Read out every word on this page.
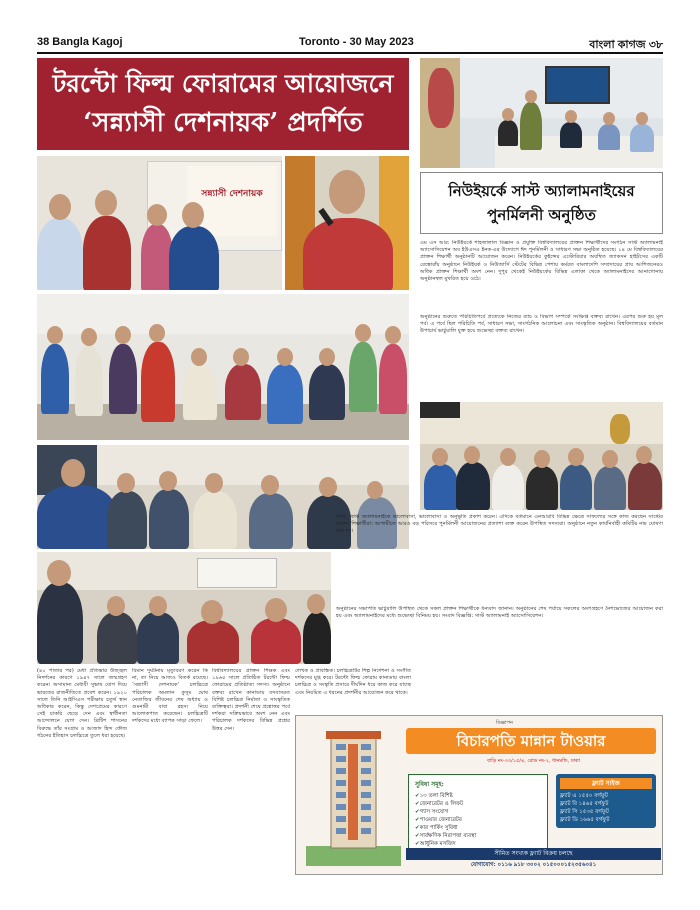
38 Bangla Kagoj	Toronto - 30 May 2023	বাংলা কাগজ ৩৮
টরন্টো ফিল্ম ফোরামের আয়োজনে
‘সন্ন্যাসী দেশনায়ক’ প্রদর্শিত
নিউইয়র্কে সাস্ট অ্যালামনাইয়ের
পুনর্মিলনী অনুষ্ঠিত
সন্ন্যাসী দেশনায়ক
এম এস আর: নিউইয়র্কে শাহজালাল বিজ্ঞান ও প্রযুক্তি বিশ্ববিদ্যালয়ের প্রাক্তন শিক্ষার্থীদের সংগঠন সাস্ট অ্যালামনাই অ্যাসোসিয়েশন অব ইউএসএ ইনক-এর উদ্যোগে ঈদ পুনর্মিলনী ও সাধারণ সভা অনুষ্ঠিত হয়েছে। ১৪ মে বিশ্ববিদ্যালয়ের প্রাক্তন শিক্ষার্থী অনুষ্ঠানটি আয়োজন করেন। নিউইয়র্কের কুইন্সের এস্টোরিয়ার অবস্থিত জ্যাকসন হাইটসের একটি রেস্তোরাঁয় অনুষ্ঠানে নিউইয়র্ক ও নিউজার্সি স্টেটের বিভিন্ন পেশায় কর্মরত বাংলাদেশি সম্প্রদায়ের প্রায় আশিজনেরও অধিক প্রাক্তন শিক্ষার্থী অংশ নেন। দুপুর থেকেই নিউইয়র্কের বিভিন্ন এলাকা থেকে অ্যালামনাইদের আনাগোনায় অনুষ্ঠানস্থল মুখরিত হয়ে ওঠে।
অনুষ্ঠানের শুরুতে পরিচিতিপর্বে প্রত্যেকে নিজের ব্যাচ ও বিভাগ সম্পর্কে সংক্ষিপ্ত বক্তব্য রাখেন। এরপর শুরু হয় মূল পর্ব। এ পর্বে ছিল পরিচিতি পর্ব, সাধারণ সভা, সাংগঠনিক আলোচনা এবং সাংস্কৃতিক অনুষ্ঠান। বিশ্ববিদ্যালয়ের বর্তমান উপাচার্য ভার্চুয়ালি যুক্ত হয়ে শুভেচ্ছা বক্তব্য রাখেন।
কাজ, সাস্ট অ্যালামনাইকে ভালোবাসা, ভালোবাসা ও অনুভূতি প্রকাশ করেন। এদিকে বর্তমানে এনআরবি বিভিন্ন ক্ষেত্রে সাফল্যের সঙ্গে কাজ করছেন সাস্টের প্রাক্তন শিক্ষার্থীরা। আগামীতে আরও বড় পরিসরে পুনর্মিলনী আয়োজনের প্রত্যাশা ব্যক্ত করেন উপস্থিত সদস্যরা। অনুষ্ঠানে নতুন কার্যনির্বাহী কমিটির নাম ঘোষণা করা হয়।
অনুষ্ঠানের সভাপতি ভার্চুয়ালি উপস্থিত থেকে সকল প্রাক্তন শিক্ষার্থীকে ধন্যবাদ জানান। অনুষ্ঠানের শেষ পর্যায়ে সকলের অংশগ্রহণে নৈশভোজের আয়োজন করা হয় এবং অ্যালামনাইদের মধ্যে শুভেচ্ছা বিনিময় হয়। সংবাদ বিজ্ঞপ্তি: সাস্ট অ্যালামনাই অ্যাসোসিয়েশন।
(৪০ পাতার পর) মেধা প্রতিভার উজ্জ্বল নিদর্শনের কারণে ১৯৪৭ সালে জন্মগ্রহণ করেন। অসামান্য মেধাবী সুভাষ যোগ দিয়ে ভারতের রাজনীতিতে প্রবেশ করেন। ১৯২০ সালে তিনি আইসিএস পরীক্ষায় চতুর্থ স্থান অধিকার করেন, কিন্তু দেশপ্রেমের কারণে সেই চাকরি ছেড়ে দেন এবং স্বাধীনতা আন্দোলনে যোগ দেন। ব্রিটিশ শাসনের বিরুদ্ধে তাঁর সংগ্রাম ও আজাদ হিন্দ ফৌজ গঠনের ইতিহাস চলচ্চিত্রে তুলে ধরা হয়েছে।
বিমান দুর্ঘটনায় মৃত্যুবরণ করেন কি না, তা নিয়ে আজও বিতর্ক রয়েছে। ‘সন্ন্যাসী দেশনায়ক’ চলচ্চিত্রে পরিচালক অমলান কুসুম ঘোষ নেতাজির জীবনের শেষ অধ্যায় ও গুমনামী বাবা রহস্য নিয়ে আলোকপাত করেছেন। চলচ্চিত্রটি দর্শকদের মধ্যে ব্যাপক সাড়া ফেলে।
বিশ্ববিদ্যালয়ের প্রাক্তন শিক্ষক এবং ১৯৬৫ সালে প্রতিষ্ঠিত টরন্টো ফিল্ম ফোরামের প্রতিষ্ঠাতা সদস্য। অনুষ্ঠানে বক্তব্য রাখেন কানাডায় বসবাসরত বিশিষ্ট চলচ্চিত্র নির্মাতা ও সাংস্কৃতিক ব্যক্তিত্বরা। প্রদর্শনী শেষে প্রশ্নোত্তর পর্বে দর্শকরা সক্রিয়ভাবে অংশ নেন এবং পরিচালক দর্শকদের বিভিন্ন প্রশ্নের উত্তর দেন।
লেখক ও প্রাবন্ধিক। চলচ্চিত্রটির শিল্প নির্দেশনা ও সংগীত দর্শকদের মুগ্ধ করে। টরন্টো ফিল্ম ফোরাম কানাডায় বাংলা চলচ্চিত্র ও সংস্কৃতি প্রসারে দীর্ঘদিন ধরে কাজ করে যাচ্ছে এবং নিয়মিত এ ধরনের প্রদর্শনীর আয়োজন করে থাকে।
বিজ্ঞাপন
বিচারপতি মান্নান টাওয়ার
বাড়ি নং-৩৩/১৫/৪, রোড নং-২, ধানমন্ডি, ঢাকা
সুবিধা সমূহ:
✔ ১৩ তলা বিশিষ্ট
✔ জেনারেটর ও লিফট
✔ গ্যাস সংযোগ
✔ পাওয়ার জেনারেটর
✔ কার পার্কিং সুবিধা
✔ সার্বক্ষণিক নিরাপত্তা ব্যবস্থা
✔ আধুনিক মসজিদ
ফ্ল্যাট সাইজ
ফ্ল্যাট এ ১৫৫০ বর্গফুট
ফ্ল্যাট বি ১৪৬৫ বর্গফুট
ফ্ল্যাট সি ১৫৩৫ বর্গফুট
ফ্ল্যাট ডি ১৬৬৫ বর্গফুট
সীমিত সংখ্যক ফ্ল্যাট বিক্রয় চলছে
যোগাযোগ: ০১১৬ ৯১৮ ৩০০২ ০১৫০০০১৫২৩৫৬০৪১
